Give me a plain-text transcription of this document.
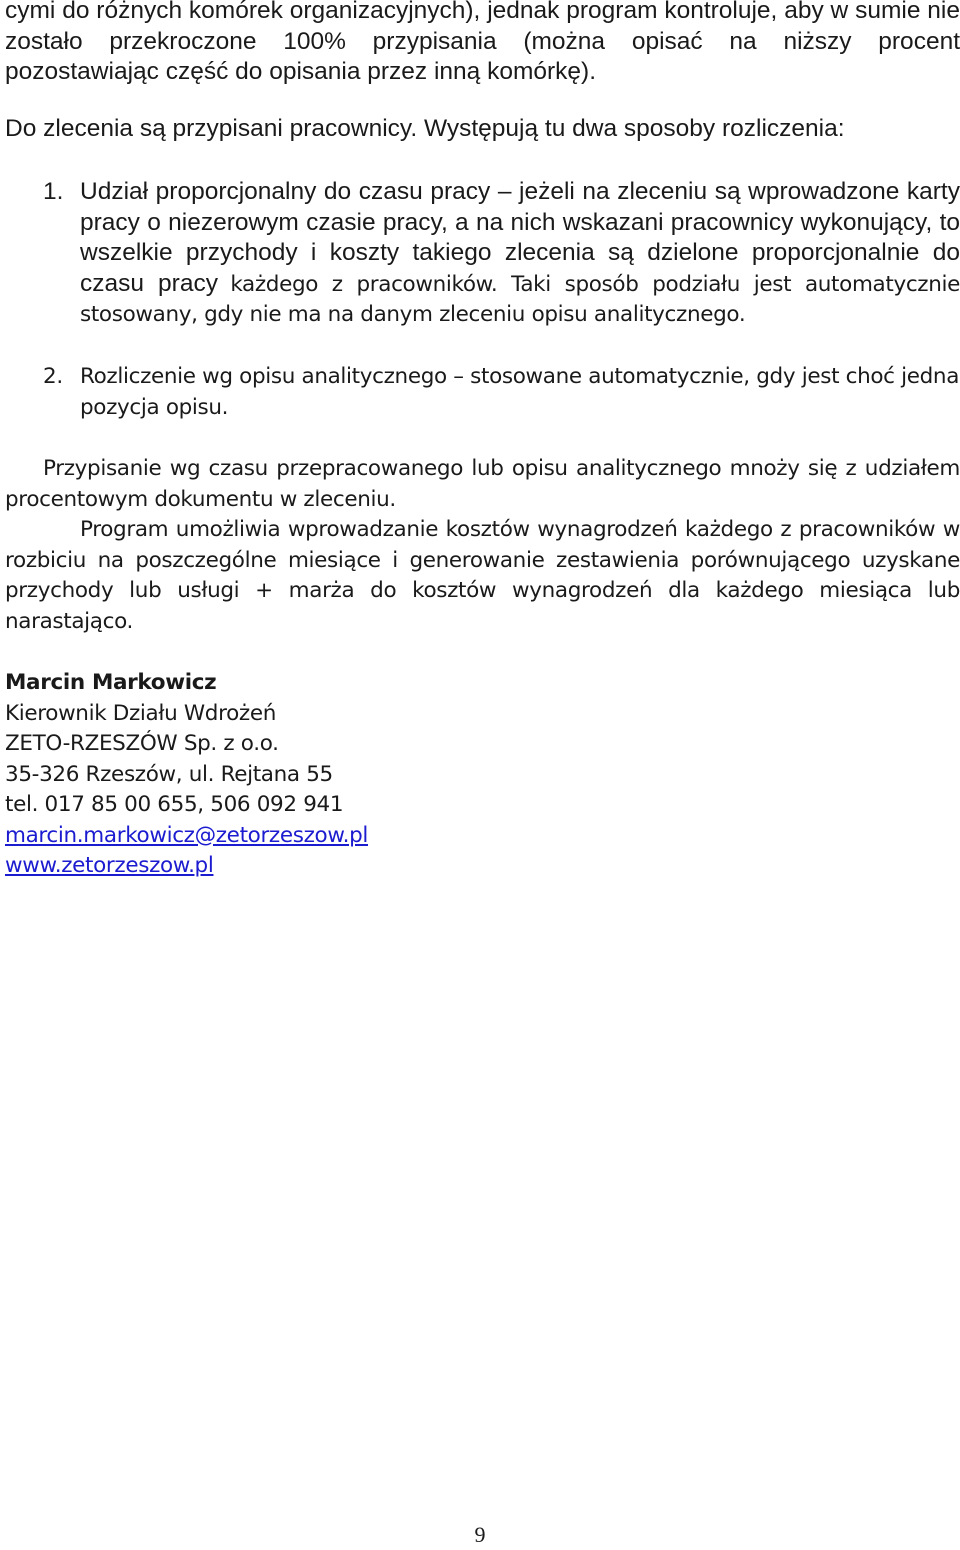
cymi do różnych komórek organizacyjnych), jednak program kontroluje, aby w sumie nie zostało przekroczone 100% przypisania (można opisać na niższy procent pozostawiając część do opisania przez inną komórkę).
Do zlecenia są przypisani pracownicy. Występują tu dwa sposoby rozliczenia:
1. Udział proporcjonalny do czasu pracy – jeżeli na zleceniu są wprowadzone karty pracy o niezerowym czasie pracy, a na nich wskazani pracownicy wykonujący, to wszelkie przychody i koszty takiego zlecenia są dzielone proporcjonalnie do czasu pracy każdego z pracowników. Taki sposób podziału jest automatycznie stosowany, gdy nie ma na danym zleceniu opisu analitycznego.
2. Rozliczenie wg opisu analitycznego – stosowane automatycznie, gdy jest choć jedna pozycja opisu.
Przypisanie wg czasu przepracowanego lub opisu analitycznego mnoży się z udziałem procentowym dokumentu w zleceniu.
Program umożliwia wprowadzanie kosztów wynagrodzeń każdego z pracowników w rozbiciu na poszczególne miesiące i generowanie zestawienia porównującego uzyskane przychody lub usługi + marża do kosztów wynagrodzeń dla każdego miesiąca lub narastająco.
Marcin Markowicz
Kierownik Działu Wdrożeń
ZETO-RZESZÓW Sp. z o.o.
35-326 Rzeszów, ul. Rejtana 55
tel. 017 85 00 655, 506 092 941
marcin.markowicz@zetorzeszow.pl
www.zetorzeszow.pl
9
